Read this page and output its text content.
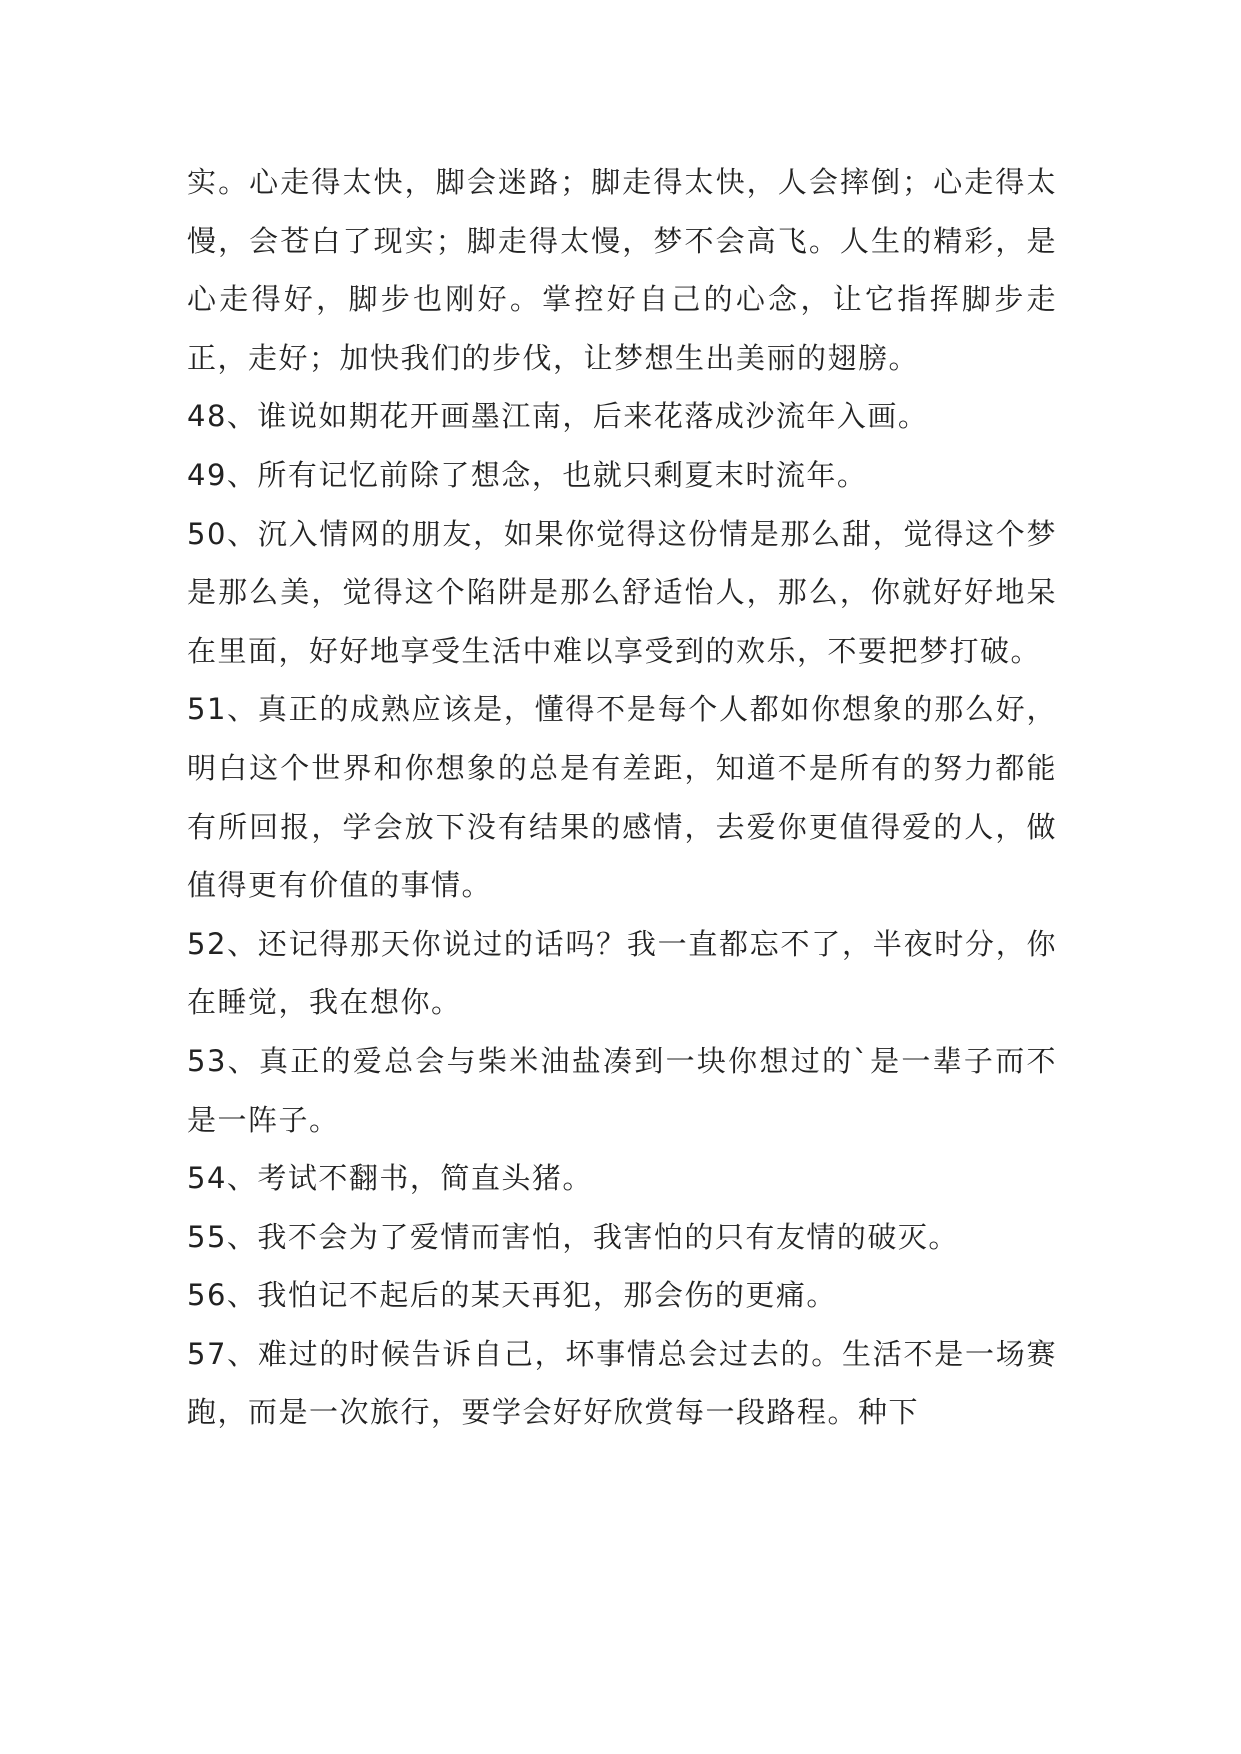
实。心走得太快，脚会迷路；脚走得太快，人会摔倒；心走得太慢，会苍白了现实；脚走得太慢，梦不会高飞。人生的精彩，是心走得好，脚步也刚好。掌控好自己的心念，让它指挥脚步走正，走好；加快我们的步伐，让梦想生出美丽的翅膀。

48、谁说如期花开画墨江南，后来花落成沙流年入画。

49、所有记忆前除了想念，也就只剩夏末时流年。

50、沉入情网的朋友，如果你觉得这份情是那么甜，觉得这个梦是那么美，觉得这个陷阱是那么舒适怡人，那么，你就好好地呆在里面，好好地享受生活中难以享受到的欢乐，不要把梦打破。

51、真正的成熟应该是，懂得不是每个人都如你想象的那么好，明白这个世界和你想象的总是有差距，知道不是所有的努力都能有所回报，学会放下没有结果的感情，去爱你更值得爱的人，做值得更有价值的事情。

52、还记得那天你说过的话吗？我一直都忘不了，半夜时分，你在睡觉，我在想你。

53、真正的爱总会与柴米油盐凑到一块你想过的`是一辈子而不是一阵子。

54、考试不翻书，简直头猪。

55、我不会为了爱情而害怕，我害怕的只有友情的破灭。

56、我怕记不起后的某天再犯，那会伤的更痛。

57、难过的时候告诉自己，坏事情总会过去的。生活不是一场赛跑，而是一次旅行，要学会好好欣赏每一段路程。种下
